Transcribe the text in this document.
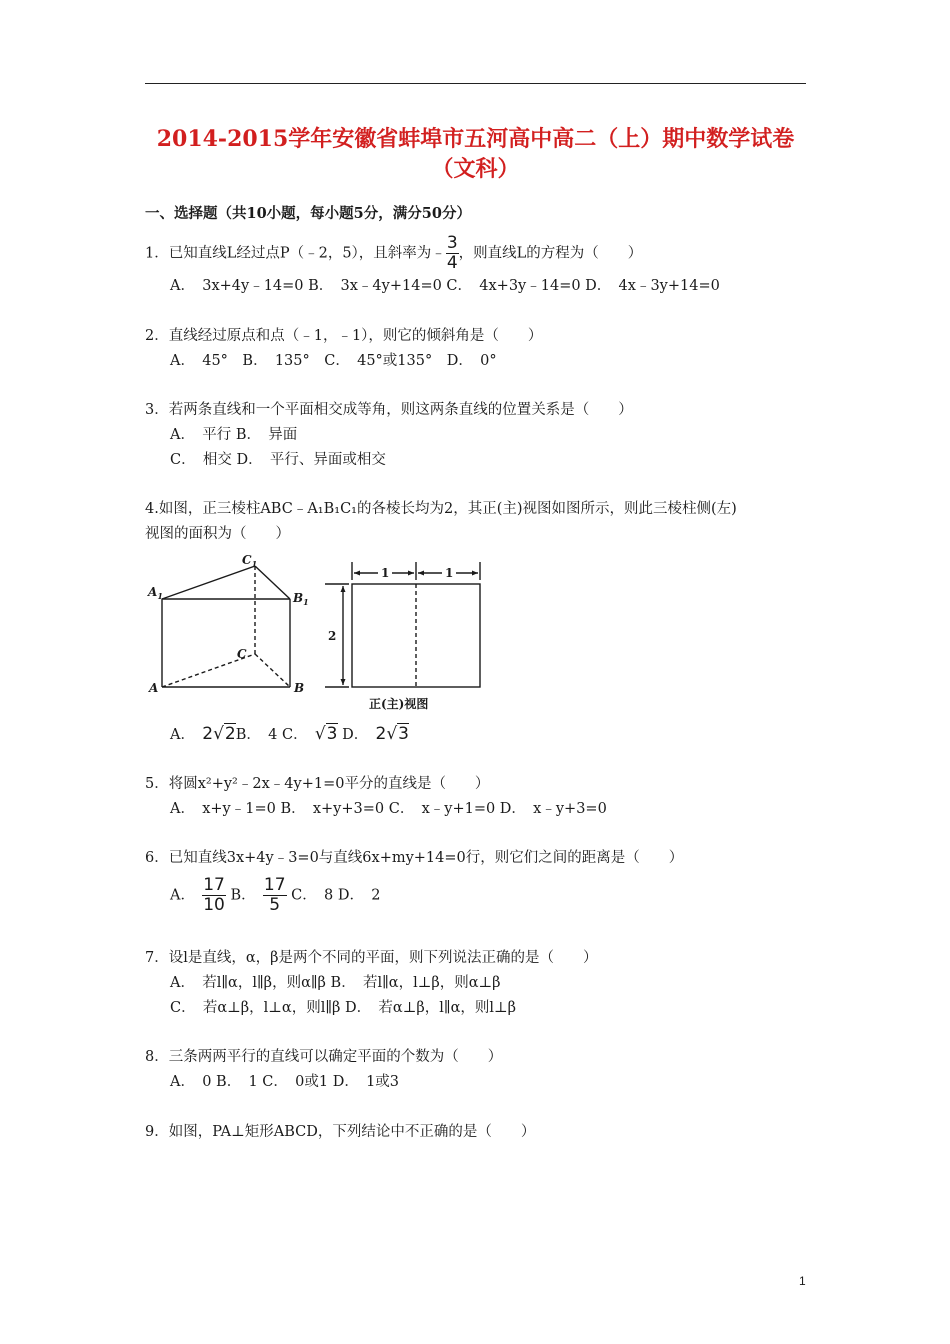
2014-2015学年安徽省蚌埠市五河高中高二（上）期中数学试卷（文科）
一、选择题（共10小题，每小题5分，满分50分）
1．已知直线L经过点P（﹣2，5），且斜率为﹣ $\frac{3}{4}$ ，则直线L的方程为（　　）
A．　3x+4y﹣14=0 B．　3x﹣4y+14=0 C．　4x+3y﹣14=0 D．　4x﹣3y+14=0
2．直线经过原点和点（﹣1，﹣1），则它的倾斜角是（　　）
A．　45°　B．　135°　C．　45°或135°　D．　0°
3．若两条直线和一个平面相交成等角，则这两条直线的位置关系是（　　）
A．　平行 B．　异面
C．　相交 D．　平行、异面或相交
4.如图，正三棱柱ABC﹣A₁B₁C₁的各棱长均为2，其正(主)视图如图所示，则此三棱柱侧(左)
视图的面积为（　　）
$A_1$
$C_1$
$B_1$
C
A	B
1	1
2
正(主)视图
A．　 2√2B．　4 C．　 √3 D．　 2√3
5．将圆x²+y²﹣2x﹣4y+1=0平分的直线是（　　）
A．　x+y﹣1=0 B．　x+y+3=0 C．　x﹣y+1=0 D．　x﹣y+3=0
6．已知直线3x+4y﹣3=0与直线6x+my+14=0行，则它们之间的距离是（　　）
A．　 $\frac{17}{10}$ B．　 $\frac{17}{5}$ C．　8 D．　2
7．设l是直线，α，β是两个不同的平面，则下列说法正确的是（　　）
A．　若l∥α，l∥β，则α∥β B．　若l∥α，l⊥β，则α⊥β
C．　若α⊥β，l⊥α，则l∥β D．　若α⊥β，l∥α，则l⊥β
8．三条两两平行的直线可以确定平面的个数为（　　）
A．　0 B．　1 C．　0或1 D．　1或3
9．如图，PA⊥矩形ABCD，下列结论中不正确的是（　　）
1
